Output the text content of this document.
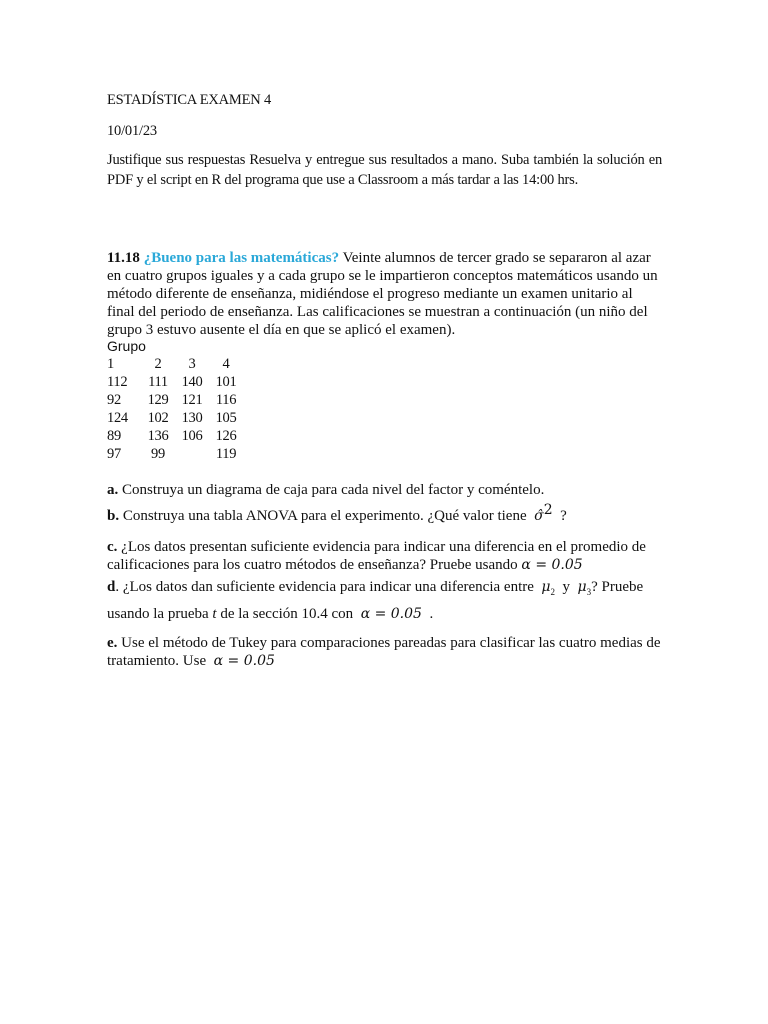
ESTADÍSTICA EXAMEN 4
10/01/23
Justifique sus respuestas Resuelva y entregue sus resultados a mano. Suba también la solución en PDF y el script en R del programa que use a Classroom a más tardar a las 14:00 hrs.
11.18 ¿Bueno para las matemáticas? Veinte alumnos de tercer grado se separaron al azar en cuatro grupos iguales y a cada grupo se le impartieron conceptos matemáticos usando un método diferente de enseñanza, midiéndose el progreso mediante un examen unitario al final del periodo de enseñanza. Las calificaciones se muestran a continuación (un niño del grupo 3 estuvo ausente el día en que se aplicó el examen).
Grupo
1	2	3	4
112	111	140	101
92	129	121	116
124	102	130	105
89	136	106	126
97	99		119
a. Construya un diagrama de caja para cada nivel del factor y coméntelo.
b. Construya una tabla ANOVA para el experimento. ¿Qué valor tiene σ̂$^2$ ?
c. ¿Los datos presentan suficiente evidencia para indicar una diferencia en el promedio de calificaciones para los cuatro métodos de enseñanza? Pruebe usando α = 0.05
d. ¿Los datos dan suficiente evidencia para indicar una diferencia entre $\mu_2$ y $\mu_3$? Pruebe
usando la prueba t de la sección 10.4 con α = 0.05 .
e. Use el método de Tukey para comparaciones pareadas para clasificar las cuatro medias de tratamiento. Use α = 0.05
